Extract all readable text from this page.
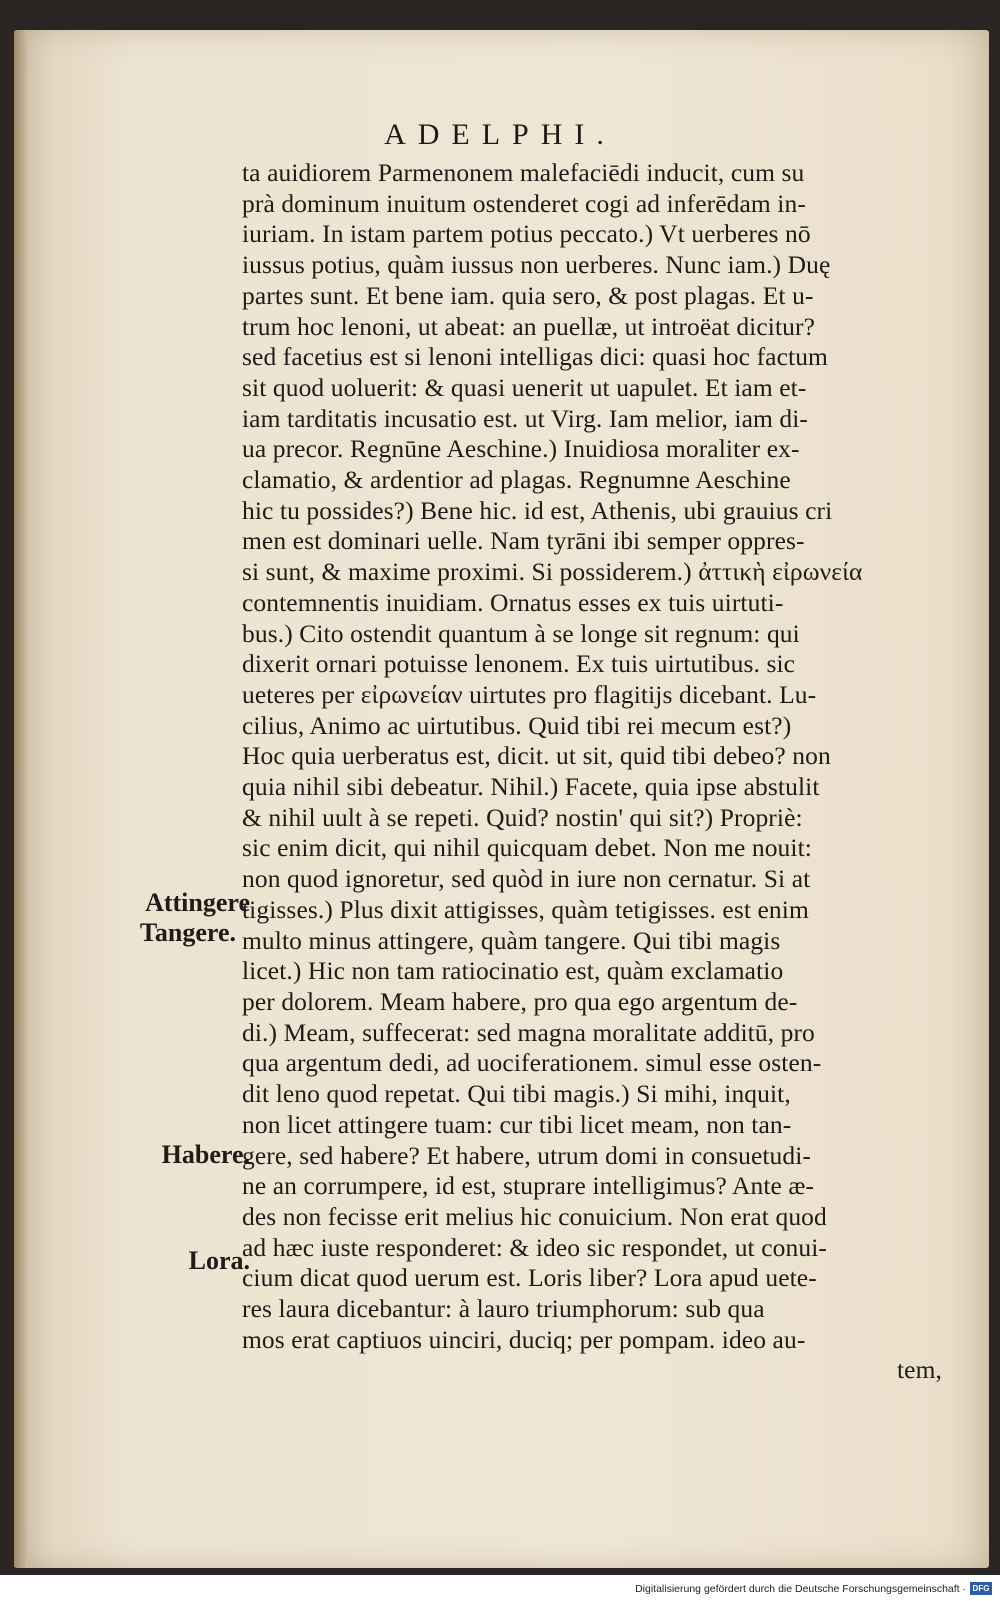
ADELPHI.
ta auidiorem Parmenonem malefaciēdi inducit, cum su
prà dominum inuitum ostenderet cogi ad inferēdam in-
iuriam. In istam partem potius peccato.) Vt uerberes nō
iussus potius, quàm iussus non uerberes. Nunc iam.) Duę
partes sunt. Et bene iam. quia sero, & post plagas. Et u-
trum hoc lenoni, ut abeat: an puellæ, ut introëat dicitur?
sed facetius est si lenoni intelligas dici: quasi hoc factum
sit quod uoluerit: & quasi uenerit ut uapulet. Et iam et-
iam tarditatis incusatio est. ut Virg. Iam melior, iam di-
ua precor. Regnūne Aeschine.) Inuidiosa moraliter ex-
clamatio, & ardentior ad plagas. Regnumne Aeschine
hic tu possides?) Bene hic. id est, Athenis, ubi grauius cri
men est dominari uelle. Nam tyrāni ibi semper oppres-
si sunt, & maxime proximi. Si possiderem.) ἀττικὴ εἰρωνεία
contemnentis inuidiam. Ornatus esses ex tuis uirtuti-
bus.) Cito ostendit quantum à se longe sit regnum: qui
dixerit ornari potuisse lenonem. Ex tuis uirtutibus. sic
ueteres per εἰρωνείαν uirtutes pro flagitijs dicebant. Lu-
cilius, Animo ac uirtutibus. Quid tibi rei mecum est?)
Hoc quia uerberatus est, dicit. ut sit, quid tibi debeo? non
quia nihil sibi debeatur. Nihil.) Facete, quia ipse abstulit
& nihil uult à se repeti. Quid? nostin' qui sit?) Propriè:
sic enim dicit, qui nihil quicquam debet. Non me nouit:
non quod ignoretur, sed quòd in iure non cernatur. Si at
tigisses.) Plus dixit attigisses, quàm tetigisses. est enim
multo minus attingere, quàm tangere. Qui tibi magis
licet.) Hic non tam ratiocinatio est, quàm exclamatio
per dolorem. Meam habere, pro qua ego argentum de-
di.) Meam, suffecerat: sed magna moralitate additū, pro
qua argentum dedi, ad uociferationem. simul esse osten-
dit leno quod repetat. Qui tibi magis.) Si mihi, inquit,
non licet attingere tuam: cur tibi licet meam, non tan-
gere, sed habere? Et habere, utrum domi in consuetudi-
ne an corrumpere, id est, stuprare intelligimus? Ante æ-
des non fecisse erit melius hic conuicium. Non erat quod
ad hæc iuste responderet: & ideo sic respondet, ut conui-
cium dicat quod uerum est. Loris liber? Lora apud uete-
res laura dicebantur: à lauro triumphorum: sub qua
mos erat captiuos uinciri, duciq; per pompam. ideo au-
tem,
Attingere
Tangere.
Habere.
Lora.
Digitalisierung gefördert durch die Deutsche Forschungsgemeinschaft · DFG
